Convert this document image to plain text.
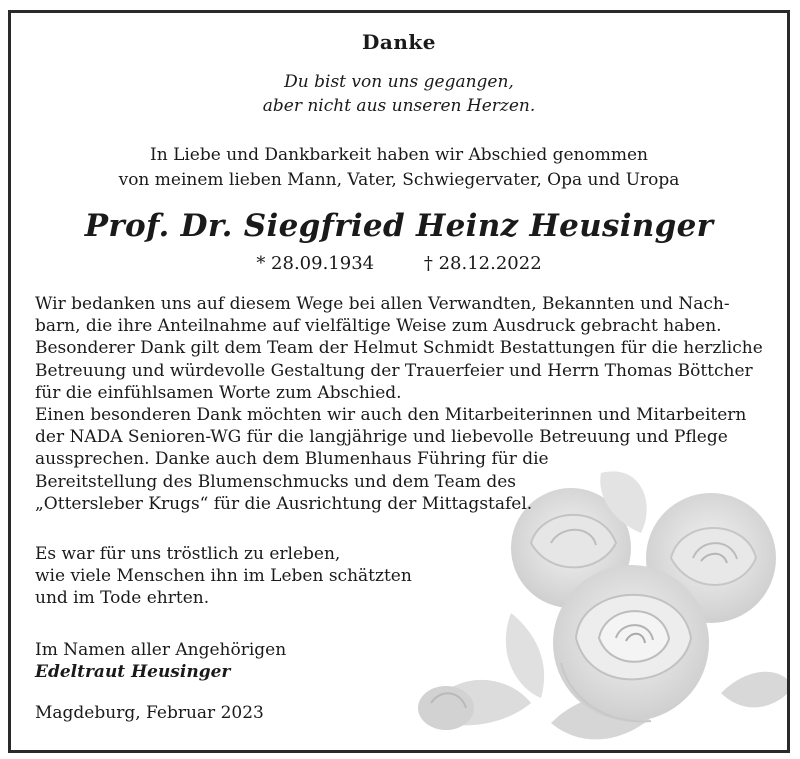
Danke
Du bist von uns gegangen,
aber nicht aus unseren Herzen.
In Liebe und Dankbarkeit haben wir Abschied genommen
von meinem lieben Mann, Vater, Schwiegervater, Opa und Uropa
Prof. Dr. Siegfried Heinz Heusinger
* 28.09.1934	† 28.12.2022
Wir bedanken uns auf diesem Wege bei allen Verwandten, Bekannten und Nach-
barn, die ihre Anteilnahme auf vielfältige Weise zum Ausdruck gebracht haben.
Besonderer Dank gilt dem Team der Helmut Schmidt Bestattungen für die herzliche
Betreuung und würdevolle Gestaltung der Trauerfeier und Herrn Thomas Böttcher
für die einfühlsamen Worte zum Abschied.
Einen besonderen Dank möchten wir auch den Mitarbeiterinnen und Mitarbeitern
der NADA Senioren-WG für die langjährige und liebevolle Betreuung und Pflege
aussprechen. Danke auch dem Blumenhaus Führing für die
Bereitstellung des Blumenschmucks und dem Team des
„Ottersleber Krugs“ für die Ausrichtung der Mittagstafel.
Es war für uns tröstlich zu erleben,
wie viele Menschen ihn im Leben schätzten
und im Tode ehrten.
Im Namen aller Angehörigen
Edeltraut Heusinger
Magdeburg, Februar 2023
